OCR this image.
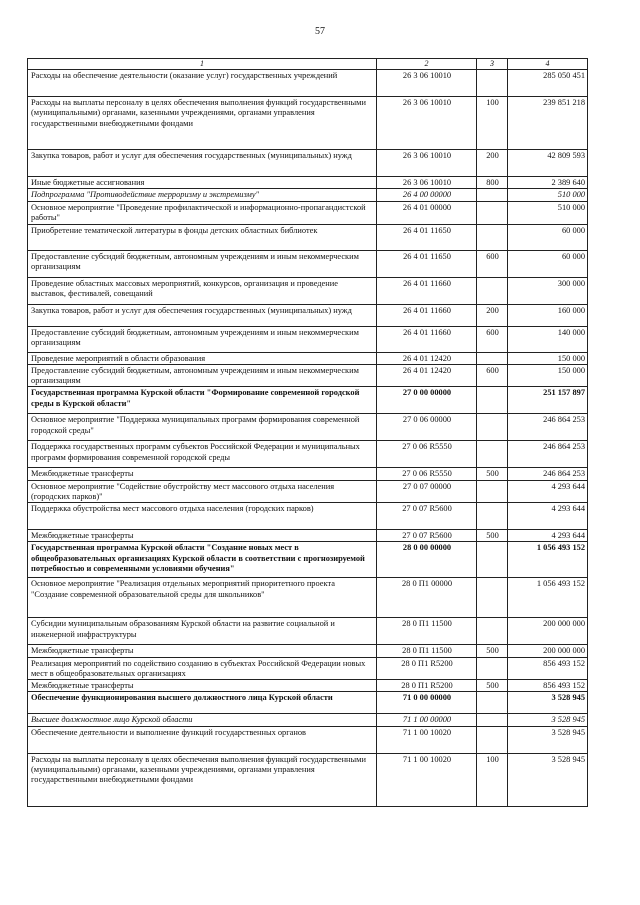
57
1	2	3	4
Расходы на обеспечение деятельности (оказание услуг) государственных учреждений	26 3 06 10010		285 050 451
Расходы на выплаты персоналу в целях обеспечения выполнения функций государственными (муниципальными) органами, казенными учреждениями, органами управления государственными внебюджетными фондами	26 3 06 10010	100	239 851 218
Закупка товаров, работ и услуг для обеспечения государственных (муниципальных) нужд	26 3 06 10010	200	42 809 593
Иные бюджетные ассигнования	26 3 06 10010	800	2 389 640
Подпрограмма "Противодействие терроризму и экстремизму"	26 4 00 00000		510 000
Основное мероприятие "Проведение профилактической и информационно-пропагандистской работы"	26 4 01 00000		510 000
Приобретение тематической литературы в фонды детских областных библиотек	26 4 01 11650		60 000
Предоставление субсидий бюджетным, автономным учреждениям и иным некоммерческим организациям	26 4 01 11650	600	60 000
Проведение областных массовых мероприятий, конкурсов, организация и проведение выставок, фестивалей, совещаний	26 4 01 11660		300 000
Закупка товаров, работ и услуг для обеспечения государственных (муниципальных) нужд	26 4 01 11660	200	160 000
Предоставление субсидий бюджетным, автономным учреждениям и иным некоммерческим организациям	26 4 01 11660	600	140 000
Проведение мероприятий в области образования	26 4 01 12420		150 000
Предоставление субсидий бюджетным, автономным учреждениям и иным некоммерческим организациям	26 4 01 12420	600	150 000
Государственная программа Курской области "Формирование современной городской среды в Курской области"	27 0 00 00000		251 157 897
Основное мероприятие "Поддержка муниципальных программ формирования современной городской среды"	27 0 06 00000		246 864 253
Поддержка государственных программ субъектов Российской Федерации и муниципальных программ формирования современной городской среды	27 0 06 R5550		246 864 253
Межбюджетные трансферты	27 0 06 R5550	500	246 864 253
Основное мероприятие "Содействие обустройству мест массового отдыха населения (городских парков)"	27 0 07 00000		4 293 644
Поддержка обустройства мест массового отдыха населения (городских парков)	27 0 07 R5600		4 293 644
Межбюджетные трансферты	27 0 07 R5600	500	4 293 644
Государственная программа Курской области "Создание новых мест в общеобразовательных организациях Курской области в соответствии с прогнозируемой потребностью и современными условиями обучения"	28 0 00 00000		1 056 493 152
Основное мероприятие "Реализация отдельных мероприятий приоритетного проекта "Создание современной образовательной среды для школьников"	28 0 П1 00000		1 056 493 152
Субсидии муниципальным образованиям Курской области на развитие социальной и инженерной инфраструктуры	28 0 П1 11500		200 000 000
Межбюджетные трансферты	28 0 П1 11500	500	200 000 000
Реализация мероприятий по содействию созданию в субъектах Российской Федерации новых мест в общеобразовательных организациях	28 0 П1 R5200		856 493 152
Межбюджетные трансферты	28 0 П1 R5200	500	856 493 152
Обеспечение функционирования высшего должностного лица Курской области	71 0 00 00000		3 528 945
Высшее должностное лицо Курской области	71 1 00 00000		3 528 945
Обеспечение деятельности и выполнение функций государственных органов	71 1 00 10020		3 528 945
Расходы на выплаты персоналу в целях обеспечения выполнения функций государственными (муниципальными) органами, казенными учреждениями, органами управления государственными внебюджетными фондами	71 1 00 10020	100	3 528 945
